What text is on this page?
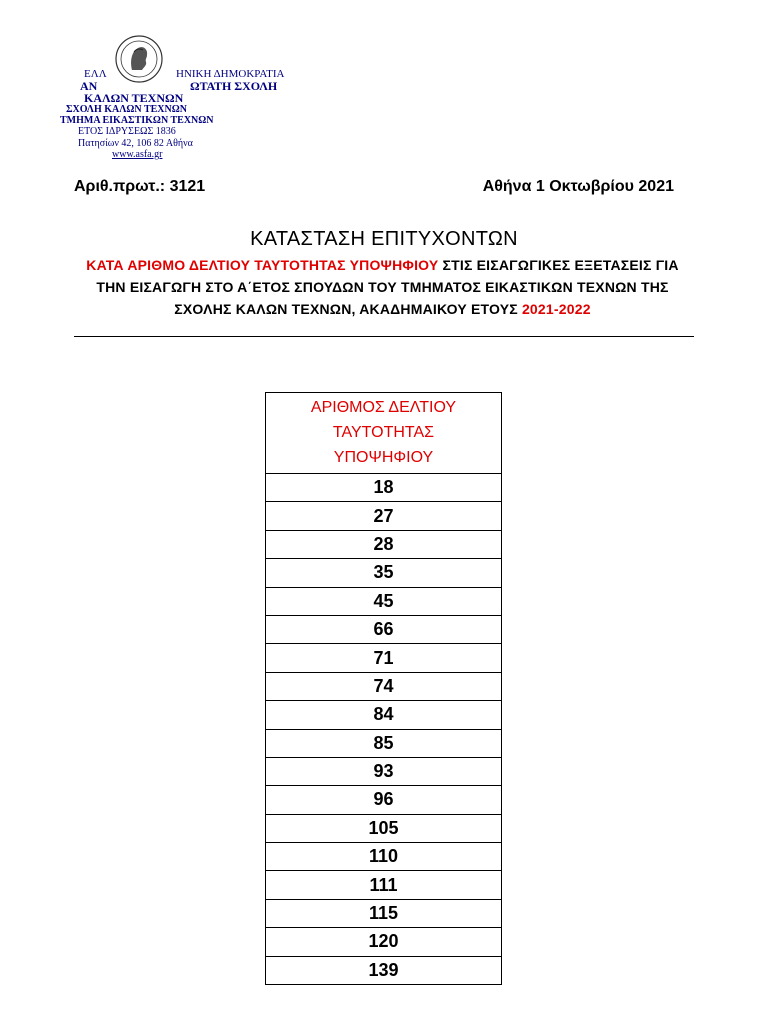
ΕΛΛ	ΗΝΙΚΗ ΔΗΜΟΚΡΑΤΙΑ
ΑΝ	ΩΤΑΤΗ ΣΧΟΛΗ
ΚΑΛΩΝ ΤΕΧΝΩΝ
ΣΧΟΛΗ ΚΑΛΩΝ ΤΕΧΝΩΝ
ΤΜΗΜΑ ΕΙΚΑΣΤΙΚΩΝ ΤΕΧΝΩΝ
ΕΤΟΣ ΙΔΡΥΣΕΩΣ 1836
Πατησίων 42, 106 82 Αθήνα
www.asfa.gr
Αριθ.πρωτ.: 3121	Αθήνα 1 Οκτωβρίου 2021
ΚΑΤΑΣΤΑΣΗ ΕΠΙΤΥΧΟΝΤΩΝ
ΚΑΤΑ ΑΡΙΘΜΟ ΔΕΛΤΙΟΥ ΤΑΥΤΟΤΗΤΑΣ ΥΠΟΨΗΦΙΟΥ ΣΤΙΣ ΕΙΣΑΓΩΓΙΚΕΣ ΕΞΕΤΑΣΕΙΣ ΓΙΑ ΤΗΝ ΕΙΣΑΓΩΓΗ ΣΤΟ Α΄ΕΤΟΣ ΣΠΟΥΔΩΝ ΤΟΥ ΤΜΗΜΑΤΟΣ ΕΙΚΑΣΤΙΚΩΝ ΤΕΧΝΩΝ ΤΗΣ ΣΧΟΛΗΣ ΚΑΛΩΝ ΤΕΧΝΩΝ, ΑΚΑΔΗΜΑΙΚΟΥ ΕΤΟΥΣ 2021-2022
ΑΡΙΘΜΟΣ ΔΕΛΤΙΟΥ
ΤΑΥΤΟΤΗΤΑΣ
ΥΠΟΨΗΦΙΟΥ

18
27
28
35
45
66
71
74
84
85
93
96
105
110
111
115
120
139
